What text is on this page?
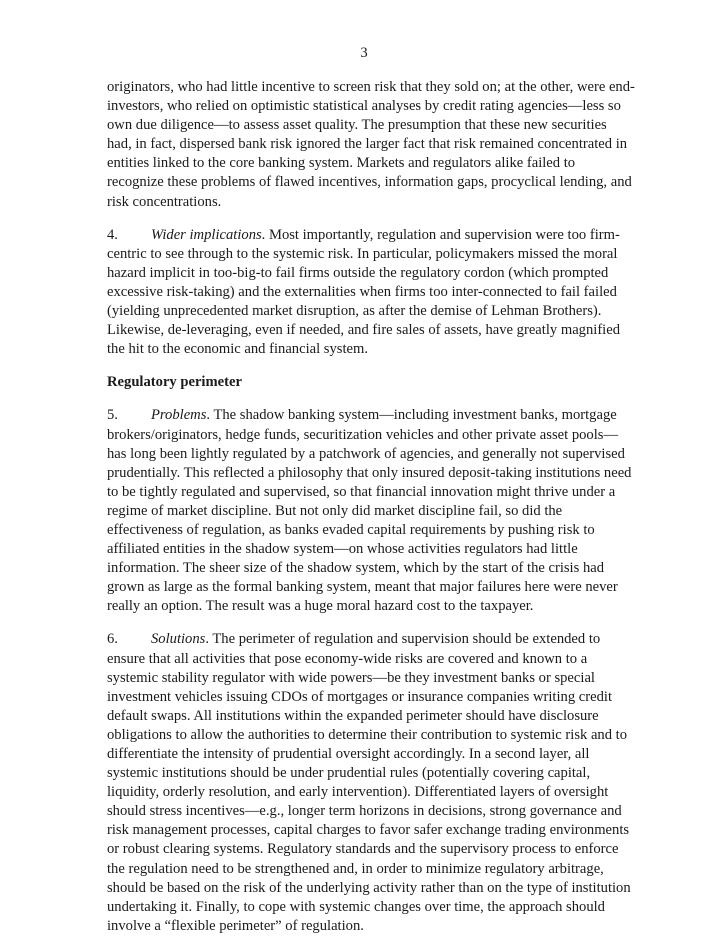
3

originators, who had little incentive to screen risk that they sold on; at the other, were end-investors, who relied on optimistic statistical analyses by credit rating agencies—less so own due diligence—to assess asset quality. The presumption that these new securities had, in fact, dispersed bank risk ignored the larger fact that risk remained concentrated in entities linked to the core banking system. Markets and regulators alike failed to recognize these problems of flawed incentives, information gaps, procyclical lending, and risk concentrations.

4. Wider implications. Most importantly, regulation and supervision were too firm-centric to see through to the systemic risk. In particular, policymakers missed the moral hazard implicit in too-big-to fail firms outside the regulatory cordon (which prompted excessive risk-taking) and the externalities when firms too inter-connected to fail failed (yielding unprecedented market disruption, as after the demise of Lehman Brothers). Likewise, de-leveraging, even if needed, and fire sales of assets, have greatly magnified the hit to the economic and financial system.

Regulatory perimeter

5. Problems. The shadow banking system—including investment banks, mortgage brokers/originators, hedge funds, securitization vehicles and other private asset pools—has long been lightly regulated by a patchwork of agencies, and generally not supervised prudentially. This reflected a philosophy that only insured deposit-taking institutions need to be tightly regulated and supervised, so that financial innovation might thrive under a regime of market discipline. But not only did market discipline fail, so did the effectiveness of regulation, as banks evaded capital requirements by pushing risk to affiliated entities in the shadow system—on whose activities regulators had little information. The sheer size of the shadow system, which by the start of the crisis had grown as large as the formal banking system, meant that major failures here were never really an option. The result was a huge moral hazard cost to the taxpayer.

6. Solutions. The perimeter of regulation and supervision should be extended to ensure that all activities that pose economy-wide risks are covered and known to a systemic stability regulator with wide powers—be they investment banks or special investment vehicles issuing CDOs of mortgages or insurance companies writing credit default swaps. All institutions within the expanded perimeter should have disclosure obligations to allow the authorities to determine their contribution to systemic risk and to differentiate the intensity of prudential oversight accordingly. In a second layer, all systemic institutions should be under prudential rules (potentially covering capital, liquidity, orderly resolution, and early intervention). Differentiated layers of oversight should stress incentives—e.g., longer term horizons in decisions, strong governance and risk management processes, capital charges to favor safer exchange trading environments or robust clearing systems. Regulatory standards and the supervisory process to enforce the regulation need to be strengthened and, in order to minimize regulatory arbitrage, should be based on the risk of the underlying activity rather than on the type of institution undertaking it. Finally, to cope with systemic changes over time, the approach should involve a “flexible perimeter” of regulation.
